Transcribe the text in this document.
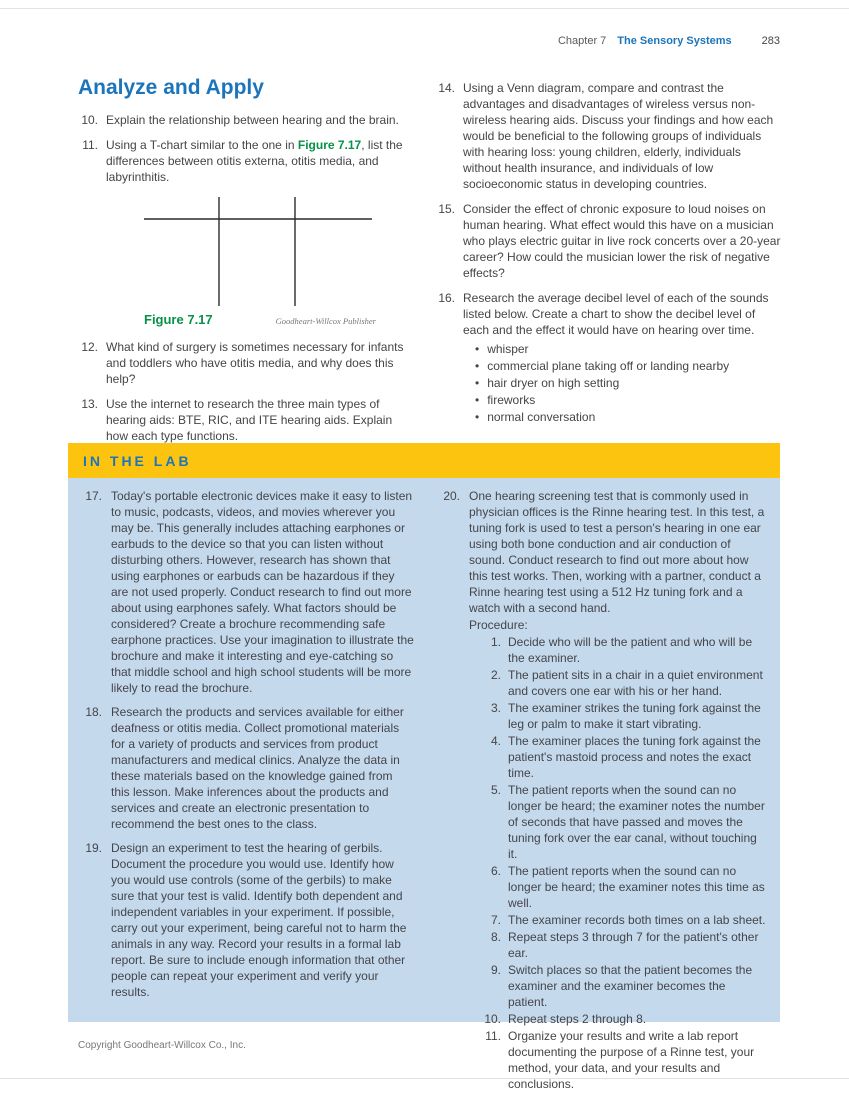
Chapter 7 The Sensory Systems	283
Analyze and Apply
10. Explain the relationship between hearing and the brain.
11. Using a T-chart similar to the one in Figure 7.17, list the differences between otitis externa, otitis media, and labyrinthitis.
Figure 7.17	Goodheart-Willcox Publisher
12. What kind of surgery is sometimes necessary for infants and toddlers who have otitis media, and why does this help?
13. Use the internet to research the three main types of hearing aids: BTE, RIC, and ITE hearing aids. Explain how each type functions.
14. Using a Venn diagram, compare and contrast the advantages and disadvantages of wireless versus non-wireless hearing aids. Discuss your findings and how each would be beneficial to the following groups of individuals with hearing loss: young children, elderly, individuals without health insurance, and individuals of low socioeconomic status in developing countries.
15. Consider the effect of chronic exposure to loud noises on human hearing. What effect would this have on a musician who plays electric guitar in live rock concerts over a 20-year career? How could the musician lower the risk of negative effects?
16. Research the average decibel level of each of the sounds listed below. Create a chart to show the decibel level of each and the effect it would have on hearing over time.
• whisper
• commercial plane taking off or landing nearby
• hair dryer on high setting
• fireworks
• normal conversation
IN THE LAB
17. Today's portable electronic devices make it easy to listen to music, podcasts, videos, and movies wherever you may be. This generally includes attaching earphones or earbuds to the device so that you can listen without disturbing others. However, research has shown that using earphones or earbuds can be hazardous if they are not used properly. Conduct research to find out more about using earphones safely. What factors should be considered? Create a brochure recommending safe earphone practices. Use your imagination to illustrate the brochure and make it interesting and eye-catching so that middle school and high school students will be more likely to read the brochure.
18. Research the products and services available for either deafness or otitis media. Collect promotional materials for a variety of products and services from product manufacturers and medical clinics. Analyze the data in these materials based on the knowledge gained from this lesson. Make inferences about the products and services and create an electronic presentation to recommend the best ones to the class.
19. Design an experiment to test the hearing of gerbils. Document the procedure you would use. Identify how you would use controls (some of the gerbils) to make sure that your test is valid. Identify both dependent and independent variables in your experiment. If possible, carry out your experiment, being careful not to harm the animals in any way. Record your results in a formal lab report. Be sure to include enough information that other people can repeat your experiment and verify your results.
20. One hearing screening test that is commonly used in physician offices is the Rinne hearing test. In this test, a tuning fork is used to test a person's hearing in one ear using both bone conduction and air conduction of sound. Conduct research to find out more about how this test works. Then, working with a partner, conduct a Rinne hearing test using a 512 Hz tuning fork and a watch with a second hand.
Procedure:
1. Decide who will be the patient and who will be the examiner.
2. The patient sits in a chair in a quiet environment and covers one ear with his or her hand.
3. The examiner strikes the tuning fork against the leg or palm to make it start vibrating.
4. The examiner places the tuning fork against the patient's mastoid process and notes the exact time.
5. The patient reports when the sound can no longer be heard; the examiner notes the number of seconds that have passed and moves the tuning fork over the ear canal, without touching it.
6. The patient reports when the sound can no longer be heard; the examiner notes this time as well.
7. The examiner records both times on a lab sheet.
8. Repeat steps 3 through 7 for the patient's other ear.
9. Switch places so that the patient becomes the examiner and the examiner becomes the patient.
10. Repeat steps 2 through 8.
11. Organize your results and write a lab report documenting the purpose of a Rinne test, your method, your data, and your results and conclusions.
Copyright Goodheart-Willcox Co., Inc.
